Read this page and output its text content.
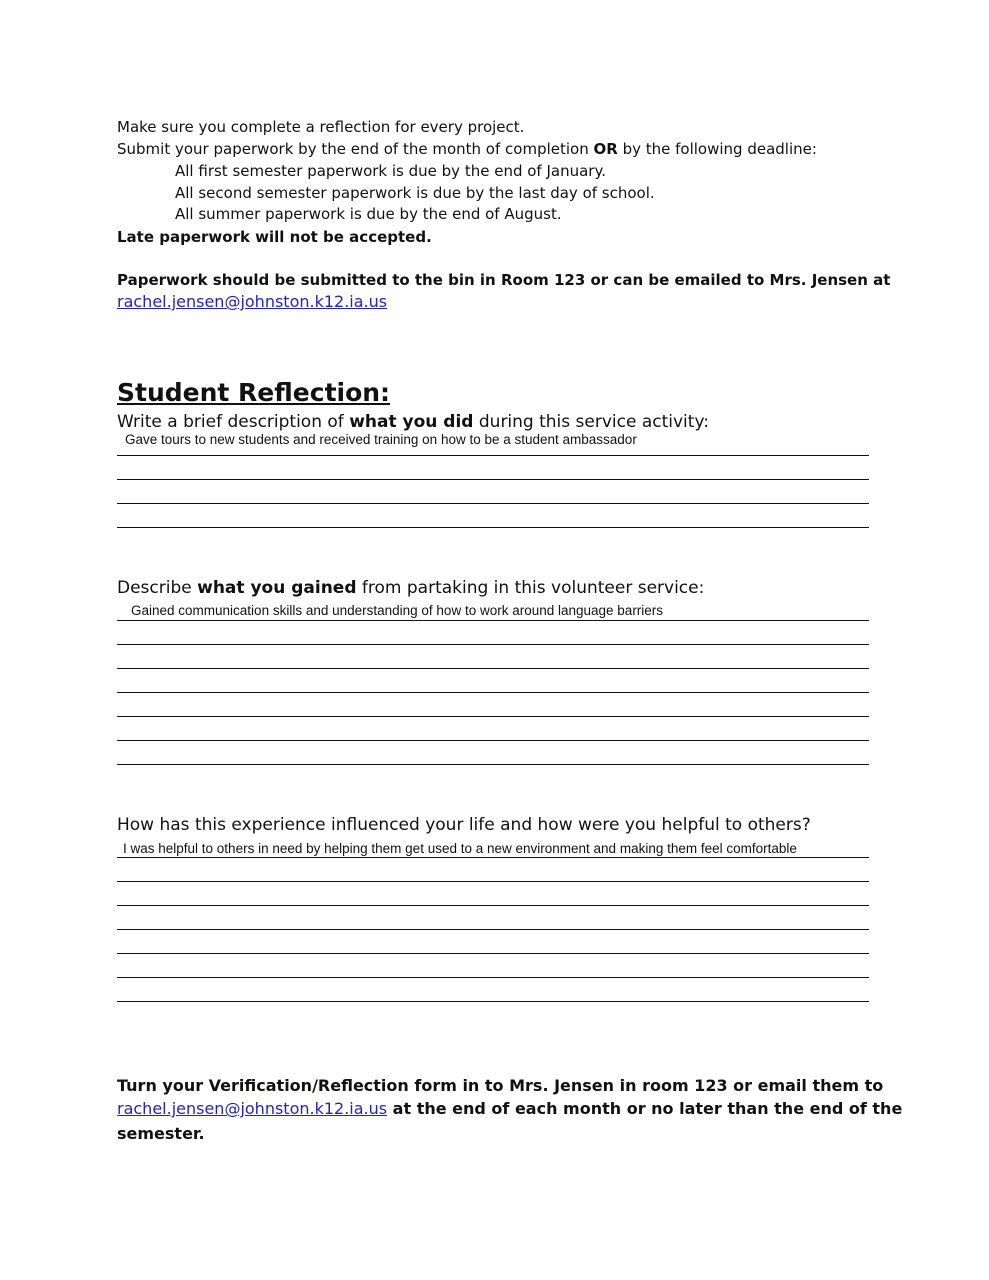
Make sure you complete a reflection for every project.
Submit your paperwork by the end of the month of completion OR by the following deadline:
All first semester paperwork is due by the end of January.
All second semester paperwork is due by the last day of school.
All summer paperwork is due by the end of August.
Late paperwork will not be accepted.
Paperwork should be submitted to the bin in Room 123 or can be emailed to Mrs. Jensen at
rachel.jensen@johnston.k12.ia.us
Student Reflection:
Write a brief description of what you did during this service activity:
Gave tours to new students and received training on how to be a student ambassador
Describe what you gained from partaking in this volunteer service:
Gained communication skills and understanding of how to work around language barriers
How has this experience influenced your life and how were you helpful to others?
I was helpful to others in need by helping them get used to a new environment and making them feel comfortable
Turn your Verification/Reflection form in to Mrs. Jensen in room 123 or email them to
rachel.jensen@johnston.k12.ia.us at the end of each month or no later than the end of the
semester.
